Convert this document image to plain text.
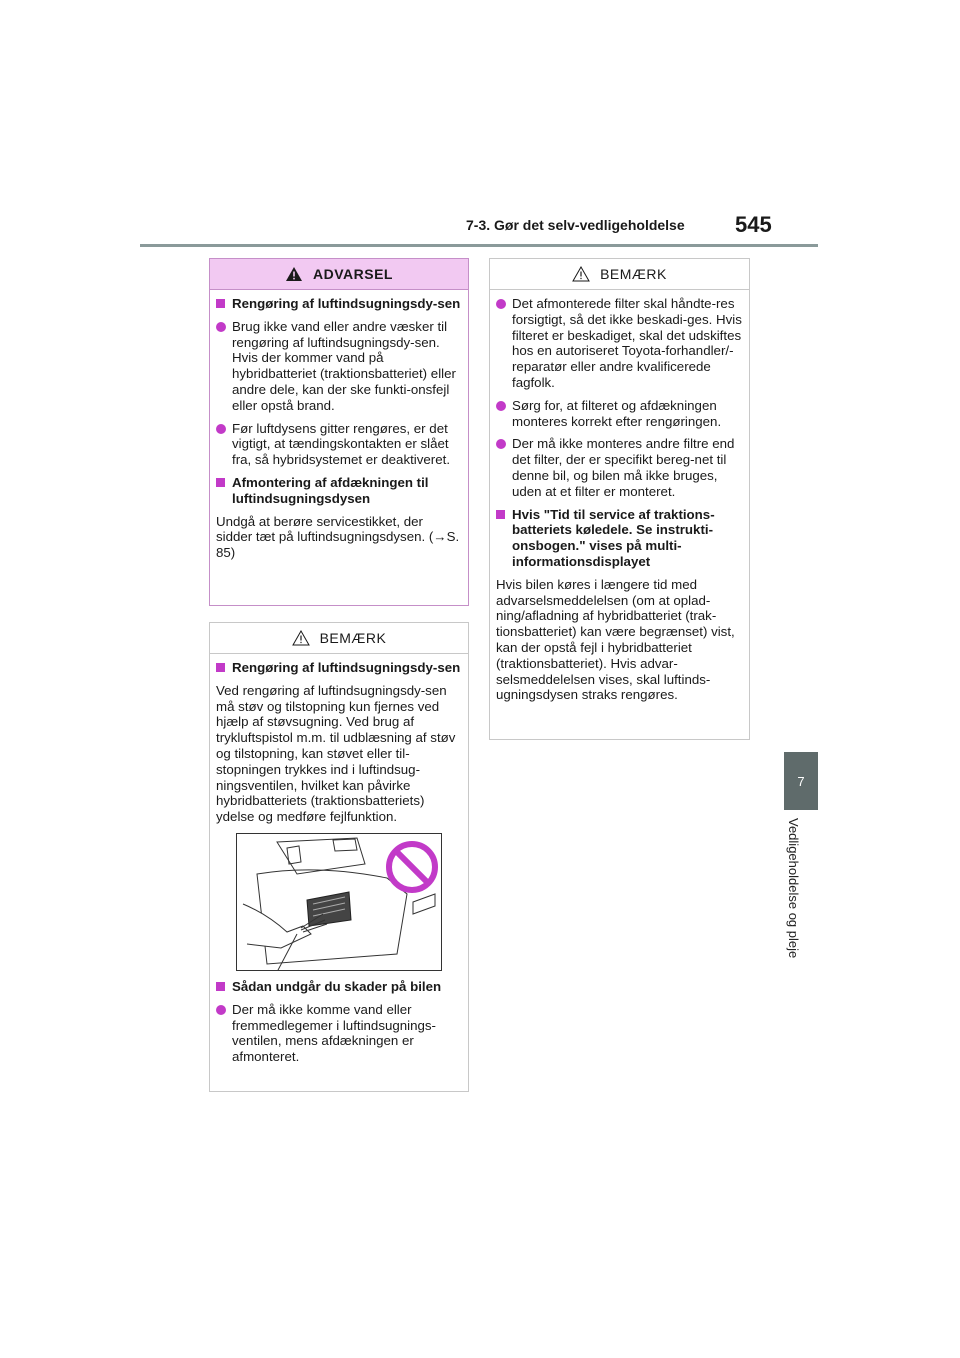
7-3. Gør det selv-vedligeholdelse 545
7
Vedligeholdelse og pleje
ADVARSEL
Rengøring af luftindsugningsdy-sen
Brug ikke vand eller andre væsker til rengøring af luftindsugningsdy-sen. Hvis der kommer vand på hybridbatteriet (traktionsbatteriet) eller andre dele, kan der ske funkti-onsfejl eller opstå brand.
Før luftdysens gitter rengøres, er det vigtigt, at tændingskontakten er slået fra, så hybridsystemet er deaktiveret.
Afmontering af afdækningen til luftindsugningsdysen
Undgå at berøre servicestikket, der sidder tæt på luftindsugningsdysen. (→S. 85)
BEMÆRK
Rengøring af luftindsugningsdy-sen
Ved rengøring af luftindsugningsdy-sen må støv og tilstopning kun fjernes ved hjælp af støvsugning. Ved brug af trykluftspistol m.m. til udblæsning af støv og tilstopning, kan støvet eller til-stopningen trykkes ind i luftindsug-ningsventilen, hvilket kan påvirke hybridbatteriets (traktionsbatteriets) ydelse og medføre fejlfunktion.
Sådan undgår du skader på bilen
Der må ikke komme vand eller fremmedlegemer i luftindsugnings-ventilen, mens afdækningen er afmonteret.
BEMÆRK
Det afmonterede filter skal håndte-res forsigtigt, så det ikke beskadi-ges. Hvis filteret er beskadiget, skal det udskiftes hos en autoriseret Toyota-forhandler/-reparatør eller andre kvalificerede fagfolk.
Sørg for, at filteret og afdækningen monteres korrekt efter rengøringen.
Der må ikke monteres andre filtre end det filter, der er specifikt bereg-net til denne bil, og bilen må ikke bruges, uden at et filter er monteret.
Hvis "Tid til service af traktions-batteriets køledele. Se instrukti-onsbogen." vises på multi-informationsdisplayet
Hvis bilen køres i længere tid med advarselsmeddelelsen (om at oplad-ning/afladning af hybridbatteriet (trak-tionsbatteriet) kan være begrænset) vist, kan der opstå fejl i hybridbatteriet (traktionsbatteriet). Hvis advar-selsmeddelelsen vises, skal luftinds-ugningsdysen straks rengøres.
